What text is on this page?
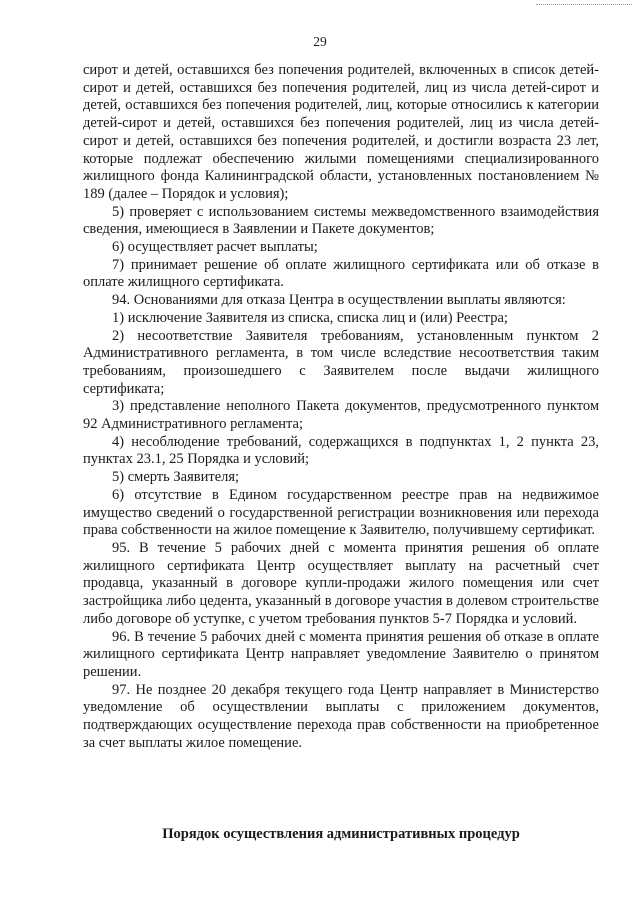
29

сирот и детей, оставшихся без попечения родителей, включенных в список детей-сирот и детей, оставшихся без попечения родителей, лиц из числа детей-сирот и детей, оставшихся без попечения родителей, лиц, которые относились к категории детей-сирот и детей, оставшихся без попечения родителей, лиц из числа детей-сирот и детей, оставшихся без попечения родителей, и достигли возраста 23 лет, которые подлежат обеспечению жилыми помещениями специализированного жилищного фонда Калининградской области, установленных постановлением № 189 (далее – Порядок и условия);

5) проверяет с использованием системы межведомственного взаимодействия сведения, имеющиеся в Заявлении и Пакете документов;

6) осуществляет расчет выплаты;

7) принимает решение об оплате жилищного сертификата или об отказе в оплате жилищного сертификата.

94. Основаниями для отказа Центра в осуществлении выплаты являются:

1) исключение Заявителя из списка, списка лиц и (или) Реестра;

2) несоответствие Заявителя требованиям, установленным пунктом 2 Административного регламента, в том числе вследствие несоответствия таким требованиям, произошедшего с Заявителем после выдачи жилищного сертификата;

3) представление неполного Пакета документов, предусмотренного пунктом 92 Административного регламента;

4) несоблюдение требований, содержащихся в подпунктах 1, 2 пункта 23, пунктах 23.1, 25 Порядка и условий;

5) смерть Заявителя;

6) отсутствие в Едином государственном реестре прав на недвижимое имущество сведений о государственной регистрации возникновения или перехода права собственности на жилое помещение к Заявителю, получившему сертификат.

95. В течение 5 рабочих дней с момента принятия решения об оплате жилищного сертификата Центр осуществляет выплату на расчетный счет продавца, указанный в договоре купли-продажи жилого помещения или счет застройщика либо цедента, указанный в договоре участия в долевом строительстве либо договоре об уступке, с учетом требования пунктов 5-7 Порядка и условий.

96. В течение 5 рабочих дней с момента принятия решения об отказе в оплате жилищного сертификата Центр направляет уведомление Заявителю о принятом решении.

97. Не позднее 20 декабря текущего года Центр направляет в Министерство уведомление об осуществлении выплаты с приложением документов, подтверждающих осуществление перехода прав собственности на приобретенное за счет выплаты жилое помещение.

Порядок осуществления административных процедур
